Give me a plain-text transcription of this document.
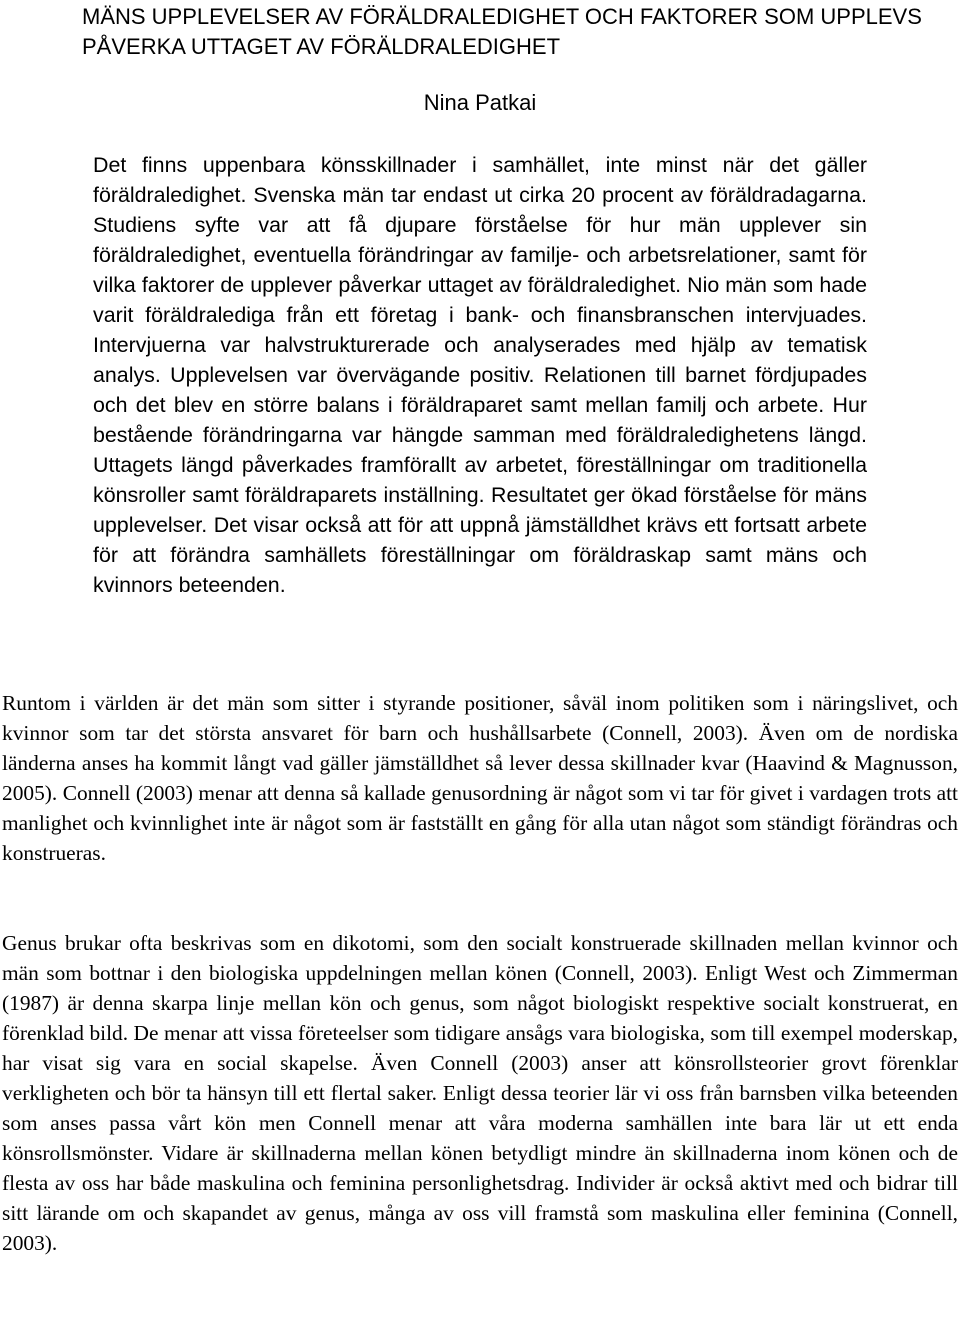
MÄNS UPPLEVELSER AV FÖRÄLDRALEDIGHET OCH FAKTORER SOM UPPLEVS PÅVERKA UTTAGET AV FÖRÄLDRALEDIGHET

Nina Patkai

Det finns uppenbara könsskillnader i samhället, inte minst när det gäller föräldraledighet. Svenska män tar endast ut cirka 20 procent av föräldradagarna. Studiens syfte var att få djupare förståelse för hur män upplever sin föräldraledighet, eventuella förändringar av familje- och arbetsrelationer, samt för vilka faktorer de upplever påverkar uttaget av föräldraledighet. Nio män som hade varit föräldralediga från ett företag i bank- och finansbranschen intervjuades. Intervjuerna var halvstrukturerade och analyserades med hjälp av tematisk analys. Upplevelsen var övervägande positiv. Relationen till barnet fördjupades och det blev en större balans i föräldraparet samt mellan familj och arbete. Hur bestående förändringarna var hängde samman med föräldraledighetens längd. Uttagets längd påverkades framförallt av arbetet, föreställningar om traditionella könsroller samt föräldraparets inställning. Resultatet ger ökad förståelse för mäns upplevelser. Det visar också att för att uppnå jämställdhet krävs ett fortsatt arbete för att förändra samhällets föreställningar om föräldraskap samt mäns och kvinnors beteenden.

Runtom i världen är det män som sitter i styrande positioner, såväl inom politiken som i näringslivet, och kvinnor som tar det största ansvaret för barn och hushållsarbete (Connell, 2003). Även om de nordiska länderna anses ha kommit långt vad gäller jämställdhet så lever dessa skillnader kvar (Haavind & Magnusson, 2005). Connell (2003) menar att denna så kallade genusordning är något som vi tar för givet i vardagen trots att manlighet och kvinnlighet inte är något som är fastställt en gång för alla utan något som ständigt förändras och konstrueras.

Genus brukar ofta beskrivas som en dikotomi, som den socialt konstruerade skillnaden mellan kvinnor och män som bottnar i den biologiska uppdelningen mellan könen (Connell, 2003). Enligt West och Zimmerman (1987) är denna skarpa linje mellan kön och genus, som något biologiskt respektive socialt konstruerat, en förenklad bild. De menar att vissa företeelser som tidigare ansågs vara biologiska, som till exempel moderskap, har visat sig vara en social skapelse. Även Connell (2003) anser att könsrollsteorier grovt förenklar verkligheten och bör ta hänsyn till ett flertal saker. Enligt dessa teorier lär vi oss från barnsben vilka beteenden som anses passa vårt kön men Connell menar att våra moderna samhällen inte bara lär ut ett enda könsrollsmönster. Vidare är skillnaderna mellan könen betydligt mindre än skillnaderna inom könen och de flesta av oss har både maskulina och feminina personlighetsdrag. Individer är också aktivt med och bidrar till sitt lärande om och skapandet av genus, många av oss vill framstå som maskulina eller feminina (Connell, 2003).
